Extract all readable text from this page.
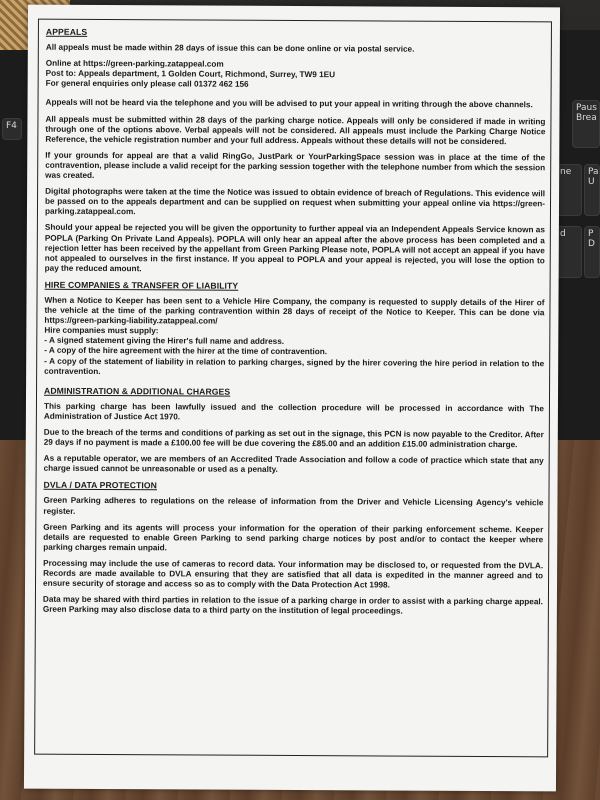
F4
Paus Brea
Pa U
ne
d	P D
APPEALS

All appeals must be made within 28 days of issue this can be done online or via postal service.

Online at https://green-parking.zatappeal.com

Post to: Appeals department, 1 Golden Court, Richmond, Surrey, TW9 1EU

For general enquiries only please call 01372 462 156

Appeals will not be heard via the telephone and you will be advised to put your appeal in writing through the above channels.

All appeals must be submitted within 28 days of the parking charge notice. Appeals will only be considered if made in writing through one of the options above. Verbal appeals will not be considered. All appeals must include the Parking Charge Notice Reference, the vehicle registration number and your full address. Appeals without these details will not be considered.

If your grounds for appeal are that a valid RingGo, JustPark or YourParkingSpace session was in place at the time of the contravention, please include a valid receipt for the parking session together with the telephone number from which the session was created.

Digital photographs were taken at the time the Notice was issued to obtain evidence of breach of Regulations. This evidence will be passed on to the appeals department and can be supplied on request when submitting your appeal online via https://green-parking.zatappeal.com.

Should your appeal be rejected you will be given the opportunity to further appeal via an Independent Appeals Service known as POPLA (Parking On Private Land Appeals). POPLA will only hear an appeal after the above process has been completed and a rejection letter has been received by the appellant from Green Parking Please note, POPLA will not accept an appeal if you have not appealed to ourselves in the first instance. If you appeal to POPLA and your appeal is rejected, you will lose the option to pay the reduced amount.

HIRE COMPANIES & TRANSFER OF LIABILITY

When a Notice to Keeper has been sent to a Vehicle Hire Company, the company is requested to supply details of the Hirer of the vehicle at the time of the parking contravention within 28 days of receipt of the Notice to Keeper. This can be done via https://green-parking-liability.zatappeal.com/

Hire companies must supply:

- A signed statement giving the Hirer's full name and address.

- A copy of the hire agreement with the hirer at the time of contravention.

- A copy of the statement of liability in relation to parking charges, signed by the hirer covering the hire period in relation to the contravention.

ADMINISTRATION & ADDITIONAL CHARGES

This parking charge has been lawfully issued and the collection procedure will be processed in accordance with The Administration of Justice Act 1970.

Due to the breach of the terms and conditions of parking as set out in the signage, this PCN is now payable to the Creditor. After 29 days if no payment is made a £100.00 fee will be due covering the £85.00 and an addition £15.00 administration charge.

As a reputable operator, we are members of an Accredited Trade Association and follow a code of practice which state that any charge issued cannot be unreasonable or used as a penalty.

DVLA / DATA PROTECTION

Green Parking adheres to regulations on the release of information from the Driver and Vehicle Licensing Agency's vehicle register.

Green Parking and its agents will process your information for the operation of their parking enforcement scheme. Keeper details are requested to enable Green Parking to send parking charge notices by post and/or to contact the keeper where parking charges remain unpaid.

Processing may include the use of cameras to record data. Your information may be disclosed to, or requested from the DVLA. Records are made available to DVLA ensuring that they are satisfied that all data is expedited in the manner agreed and to ensure security of storage and access so as to comply with the Data Protection Act 1998.

Data may be shared with third parties in relation to the issue of a parking charge in order to assist with a parking charge appeal. Green Parking may also disclose data to a third party on the institution of legal proceedings.
